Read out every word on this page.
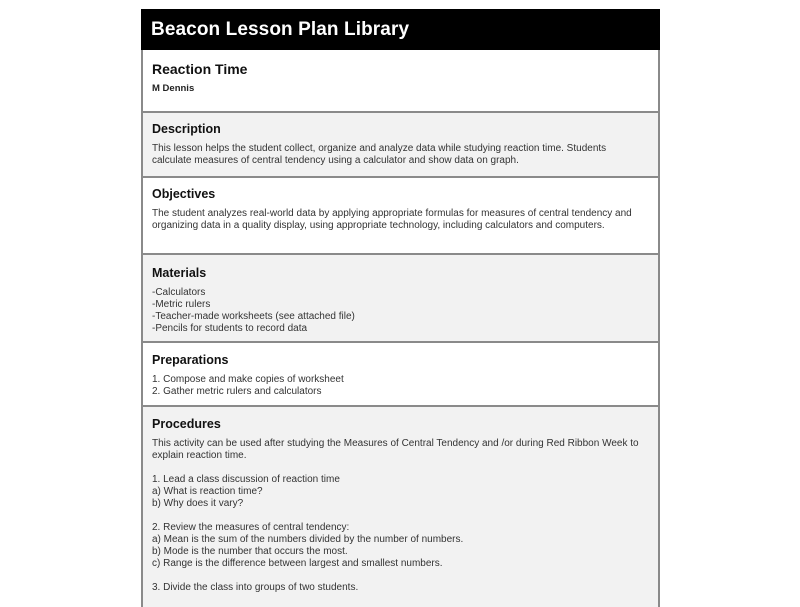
Beacon Lesson Plan Library
Reaction Time
M Dennis
Description
This lesson helps the student collect, organize and analyze data while studying reaction time. Students
calculate measures of central tendency using a calculator and show data on graph.
Objectives
The student analyzes real-world data by applying appropriate formulas for measures of central tendency and
organizing data in a quality display, using appropriate technology, including calculators and computers.
Materials
-Calculators
-Metric rulers
-Teacher-made worksheets (see attached file)
-Pencils for students to record data
Preparations
1. Compose and make copies of worksheet
2. Gather metric rulers and calculators
Procedures
This activity can be used after studying the Measures of Central Tendency and /or during Red Ribbon Week to
explain reaction time.
1. Lead a class discussion of reaction time
a) What is reaction time?
b) Why does it vary?
2. Review the measures of central tendency:
a) Mean is the sum of the numbers divided by the number of numbers.
b) Mode is the number that occurs the most.
c) Range is the difference between largest and smallest numbers.
3. Divide the class into groups of two students.
